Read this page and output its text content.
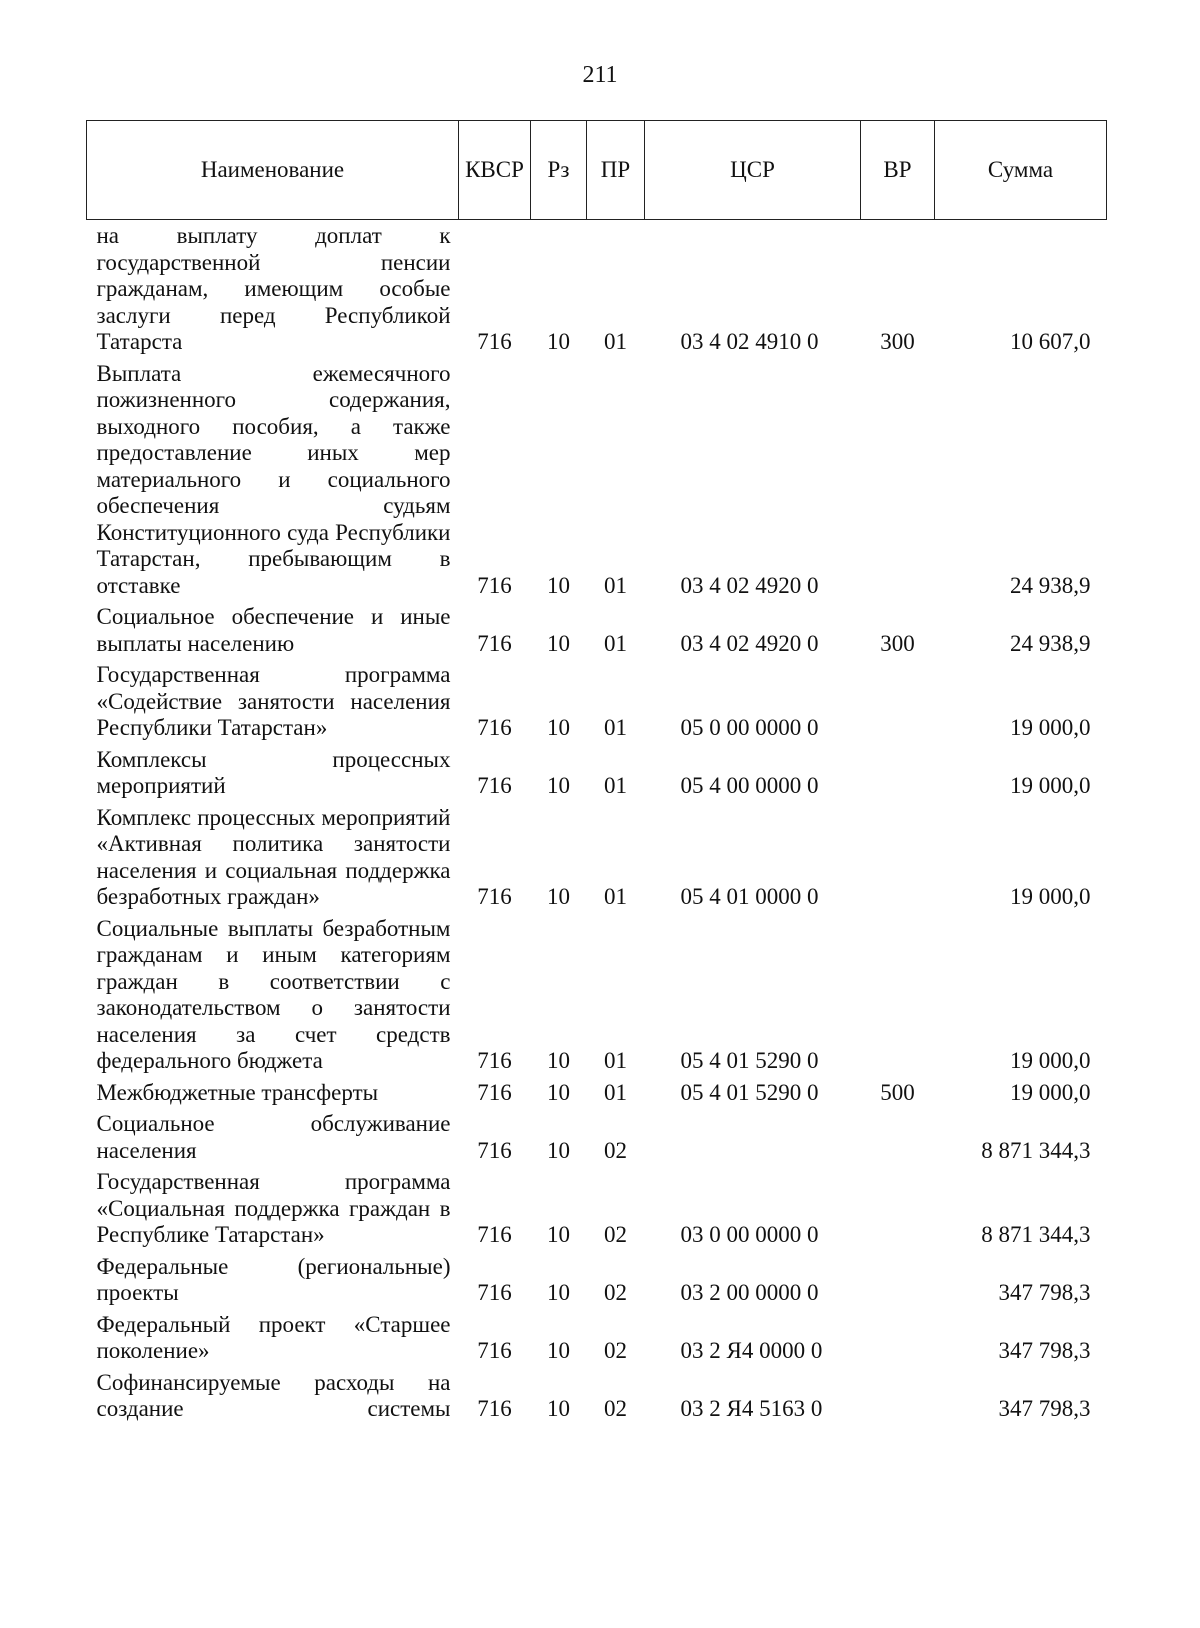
211
Наименование	КВСР	Рз	ПР	ЦСР	ВР	Сумма
на выплату доплат к государственной пенсии гражданам, имеющим особые заслуги перед Республикой Татарста	716	10	01	03 4 02 4910 0	300	10 607,0
Выплата ежемесячного пожизненного содержания, выходного пособия, а также предоставление иных мер материального и социального обеспечения судьям Конституционного суда Республики Татарстан, пребывающим в отставке	716	10	01	03 4 02 4920 0		24 938,9
Социальное обеспечение и иные выплаты населению	716	10	01	03 4 02 4920 0	300	24 938,9
Государственная программа «Содействие занятости населения Республики Татарстан»	716	10	01	05 0 00 0000 0		19 000,0
Комплексы процессных мероприятий	716	10	01	05 4 00 0000 0		19 000,0
Комплекс процессных мероприятий «Активная политика занятости населения и социальная поддержка безработных граждан»	716	10	01	05 4 01 0000 0		19 000,0
Социальные выплаты безработным гражданам и иным категориям граждан в соответствии с законодательством о занятости населения за счет средств федерального бюджета	716	10	01	05 4 01 5290 0		19 000,0
Межбюджетные трансферты	716	10	01	05 4 01 5290 0	500	19 000,0
Социальное обслуживание населения	716	10	02			8 871 344,3
Государственная программа «Социальная поддержка граждан в Республике Татарстан»	716	10	02	03 0 00 0000 0		8 871 344,3
Федеральные (региональные) проекты	716	10	02	03 2 00 0000 0		347 798,3
Федеральный проект «Старшее поколение»	716	10	02	03 2 Я4 0000 0		347 798,3
Софинансируемые расходы на создание системы	716	10	02	03 2 Я4 5163 0		347 798,3
